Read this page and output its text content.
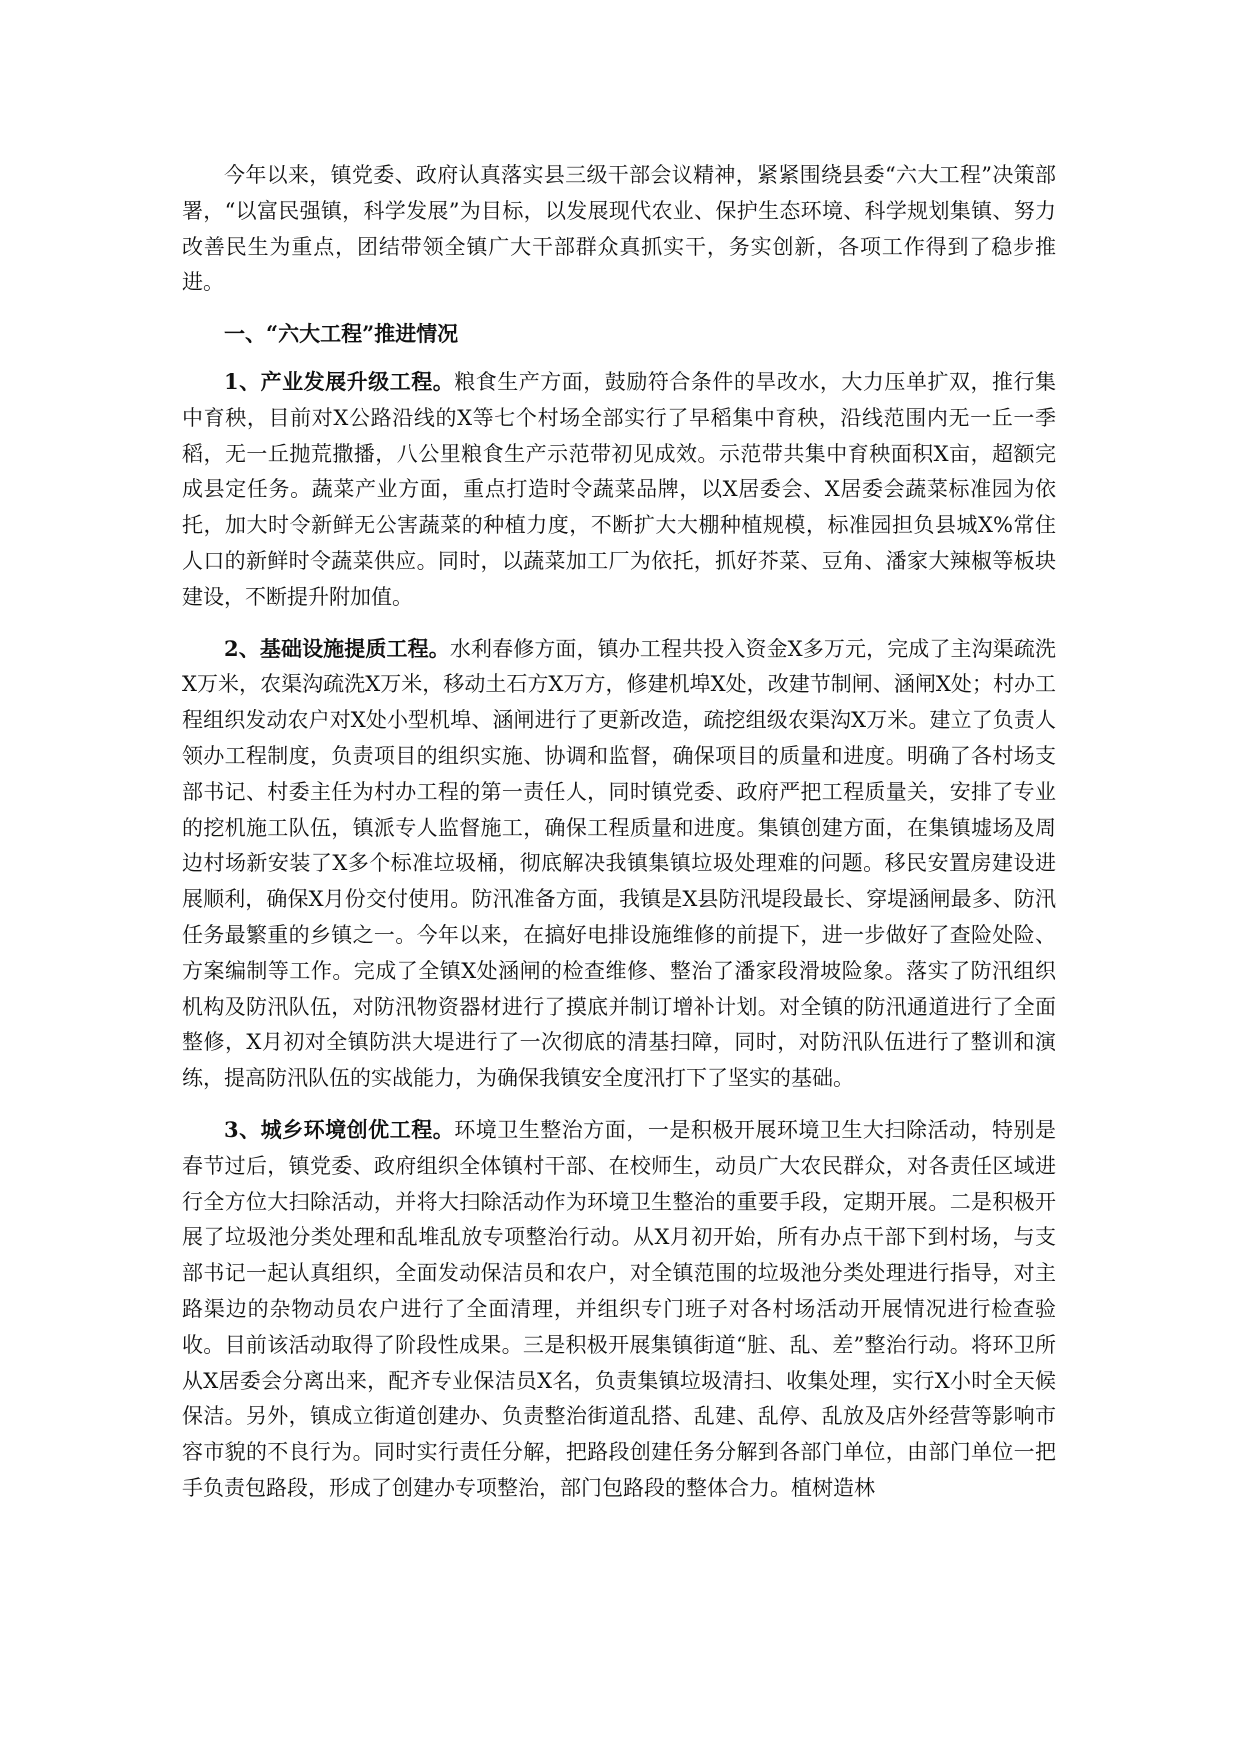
今年以来，镇党委、政府认真落实县三级干部会议精神，紧紧围绕县委“六大工程”决策部署，“以富民强镇，科学发展”为目标，以发展现代农业、保护生态环境、科学规划集镇、努力改善民生为重点，团结带领全镇广大干部群众真抓实干，务实创新，各项工作得到了稳步推进。

一、“六大工程”推进情况

1、产业发展升级工程。粮食生产方面，鼓励符合条件的旱改水，大力压单扩双，推行集中育秧，目前对X公路沿线的X等七个村场全部实行了早稻集中育秧，沿线范围内无一丘一季稻，无一丘抛荒撒播，八公里粮食生产示范带初见成效。示范带共集中育秧面积X亩，超额完成县定任务。蔬菜产业方面，重点打造时令蔬菜品牌，以X居委会、X居委会蔬菜标准园为依托，加大时令新鲜无公害蔬菜的种植力度，不断扩大大棚种植规模，标准园担负县城X%常住人口的新鲜时令蔬菜供应。同时，以蔬菜加工厂为依托，抓好芥菜、豆角、潘家大辣椒等板块建设，不断提升附加值。

2、基础设施提质工程。水利春修方面，镇办工程共投入资金X多万元，完成了主沟渠疏洗X万米，农渠沟疏洗X万米，移动土石方X万方，修建机埠X处，改建节制闸、涵闸X处；村办工程组织发动农户对X处小型机埠、涵闸进行了更新改造，疏挖组级农渠沟X万米。建立了负责人领办工程制度，负责项目的组织实施、协调和监督，确保项目的质量和进度。明确了各村场支部书记、村委主任为村办工程的第一责任人，同时镇党委、政府严把工程质量关，安排了专业的挖机施工队伍，镇派专人监督施工，确保工程质量和进度。集镇创建方面，在集镇墟场及周边村场新安装了X多个标准垃圾桶，彻底解决我镇集镇垃圾处理难的问题。移民安置房建设进展顺利，确保X月份交付使用。防汛准备方面，我镇是X县防汛堤段最长、穿堤涵闸最多、防汛任务最繁重的乡镇之一。今年以来，在搞好电排设施维修的前提下，进一步做好了查险处险、方案编制等工作。完成了全镇X处涵闸的检查维修、整治了潘家段滑坡险象。落实了防汛组织机构及防汛队伍，对防汛物资器材进行了摸底并制订增补计划。对全镇的防汛通道进行了全面整修，X月初对全镇防洪大堤进行了一次彻底的清基扫障，同时，对防汛队伍进行了整训和演练，提高防汛队伍的实战能力，为确保我镇安全度汛打下了坚实的基础。

3、城乡环境创优工程。环境卫生整治方面，一是积极开展环境卫生大扫除活动，特别是春节过后，镇党委、政府组织全体镇村干部、在校师生，动员广大农民群众，对各责任区域进行全方位大扫除活动，并将大扫除活动作为环境卫生整治的重要手段，定期开展。二是积极开展了垃圾池分类处理和乱堆乱放专项整治行动。从X月初开始，所有办点干部下到村场，与支部书记一起认真组织，全面发动保洁员和农户，对全镇范围的垃圾池分类处理进行指导，对主路渠边的杂物动员农户进行了全面清理，并组织专门班子对各村场活动开展情况进行检查验收。目前该活动取得了阶段性成果。三是积极开展集镇街道“脏、乱、差”整治行动。将环卫所从X居委会分离出来，配齐专业保洁员X名，负责集镇垃圾清扫、收集处理，实行X小时全天候保洁。另外，镇成立街道创建办、负责整治街道乱搭、乱建、乱停、乱放及店外经营等影响市容市貌的不良行为。同时实行责任分解，把路段创建任务分解到各部门单位，由部门单位一把手负责包路段，形成了创建办专项整治，部门包路段的整体合力。植树造林
